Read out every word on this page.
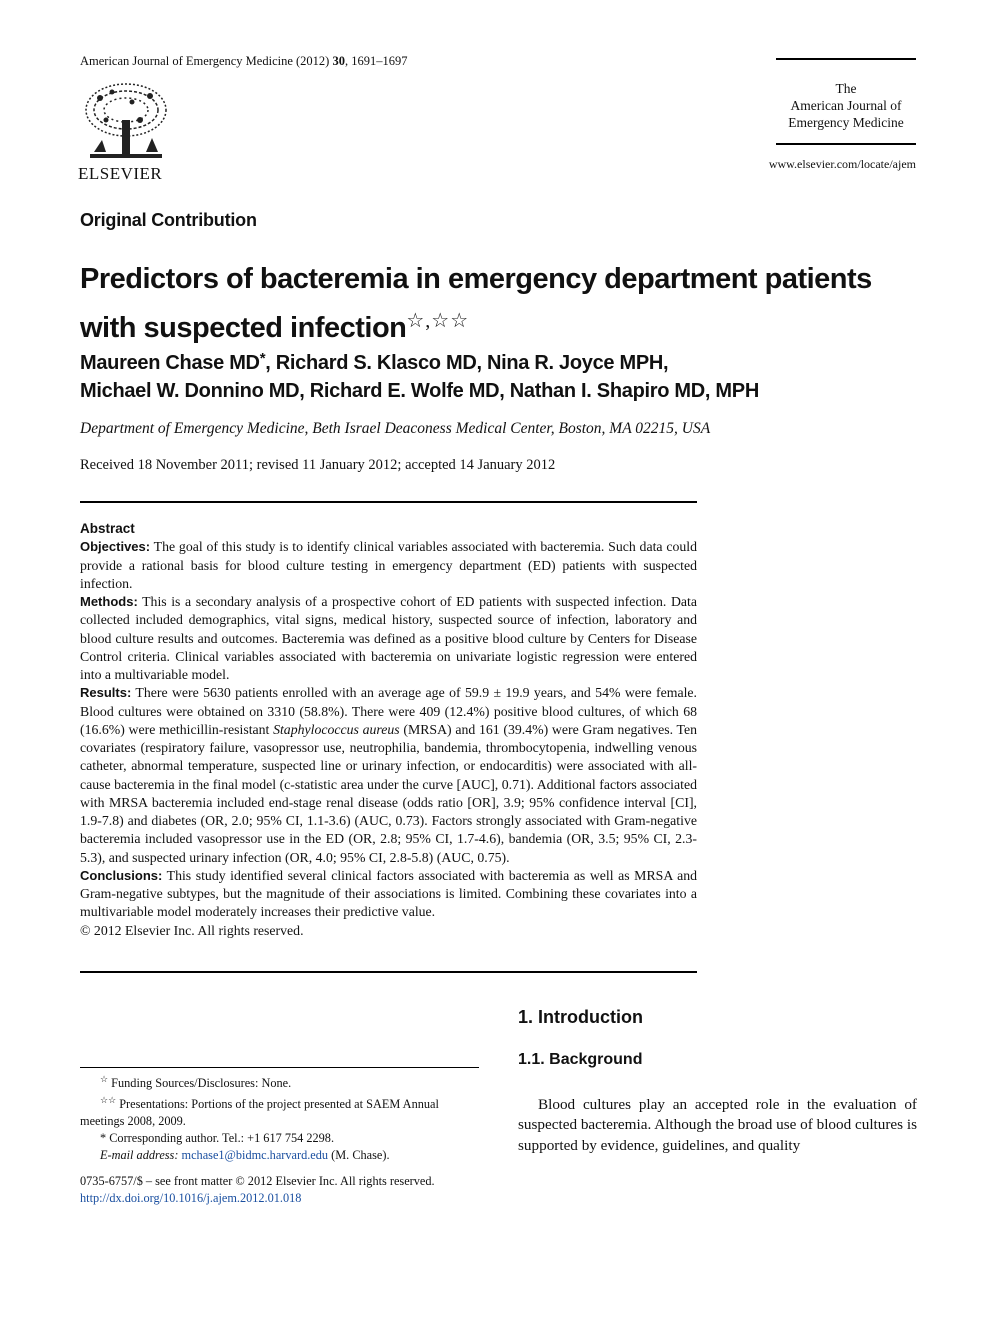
American Journal of Emergency Medicine (2012) 30, 1691–1697
ELSEVIER
The
American Journal of
Emergency Medicine
www.elsevier.com/locate/ajem
Original Contribution
Predictors of bacteremia in emergency department patients with suspected infection☆,☆☆
Maureen Chase MD*, Richard S. Klasco MD, Nina R. Joyce MPH,
Michael W. Donnino MD, Richard E. Wolfe MD, Nathan I. Shapiro MD, MPH
Department of Emergency Medicine, Beth Israel Deaconess Medical Center, Boston, MA 02215, USA
Received 18 November 2011; revised 11 January 2012; accepted 14 January 2012

Abstract

Objectives: The goal of this study is to identify clinical variables associated with bacteremia. Such data could provide a rational basis for blood culture testing in emergency department (ED) patients with suspected infection.

Methods: This is a secondary analysis of a prospective cohort of ED patients with suspected infection. Data collected included demographics, vital signs, medical history, suspected source of infection, laboratory and blood culture results and outcomes. Bacteremia was defined as a positive blood culture by Centers for Disease Control criteria. Clinical variables associated with bacteremia on univariate logistic regression were entered into a multivariable model.

Results: There were 5630 patients enrolled with an average age of 59.9 ± 19.9 years, and 54% were female. Blood cultures were obtained on 3310 (58.8%). There were 409 (12.4%) positive blood cultures, of which 68 (16.6%) were methicillin-resistant Staphylococcus aureus (MRSA) and 161 (39.4%) were Gram negatives. Ten covariates (respiratory failure, vasopressor use, neutrophilia, bandemia, thrombocytopenia, indwelling venous catheter, abnormal temperature, suspected line or urinary infection, or endocarditis) were associated with all-cause bacteremia in the final model (c-statistic area under the curve [AUC], 0.71). Additional factors associated with MRSA bacteremia included end-stage renal disease (odds ratio [OR], 3.9; 95% confidence interval [CI], 1.9-7.8) and diabetes (OR, 2.0; 95% CI, 1.1-3.6) (AUC, 0.73). Factors strongly associated with Gram-negative bacteremia included vasopressor use in the ED (OR, 2.8; 95% CI, 1.7-4.6), bandemia (OR, 3.5; 95% CI, 2.3-5.3), and suspected urinary infection (OR, 4.0; 95% CI, 2.8-5.8) (AUC, 0.75).

Conclusions: This study identified several clinical factors associated with bacteremia as well as MRSA and Gram-negative subtypes, but the magnitude of their associations is limited. Combining these covariates into a multivariable model moderately increases their predictive value.

© 2012 Elsevier Inc. All rights reserved.

☆ Funding Sources/Disclosures: None.
☆☆ Presentations: Portions of the project presented at SAEM Annual meetings 2008, 2009.
* Corresponding author. Tel.: +1 617 754 2298.
E-mail address: mchase1@bidmc.harvard.edu (M. Chase).
0735-6757/$ – see front matter © 2012 Elsevier Inc. All rights reserved.
http://dx.doi.org/10.1016/j.ajem.2012.01.018
1. Introduction
1.1. Background
Blood cultures play an accepted role in the evaluation of suspected bacteremia. Although the broad use of blood cultures is supported by evidence, guidelines, and quality
